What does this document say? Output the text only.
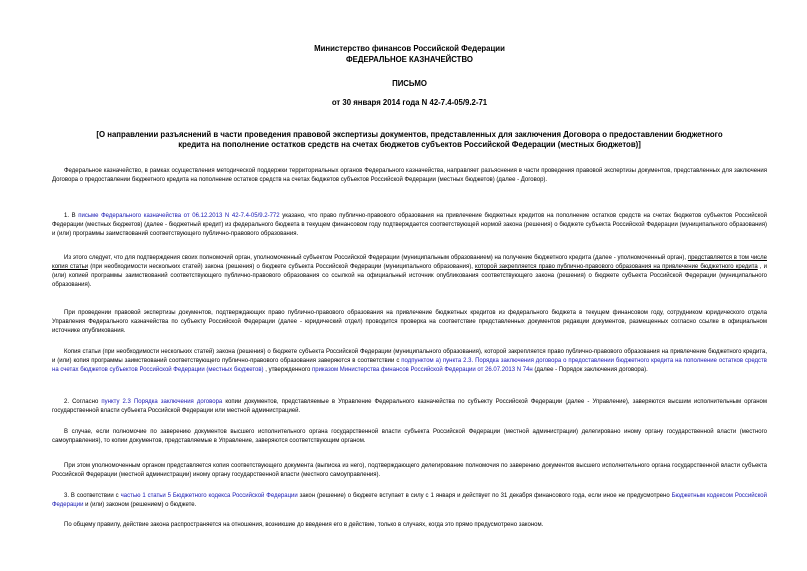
Министерство финансов Российской Федерации
ФЕДЕРАЛЬНОЕ КАЗНАЧЕЙСТВО
ПИСЬМО
от 30 января 2014 года N 42-7.4-05/9.2-71
[О направлении разъяснений в части проведения правовой экспертизы документов, представленных для заключения Договора о предоставлении бюджетного
кредита на пополнение остатков средств на счетах бюджетов субъектов Российской Федерации (местных бюджетов)]

Федеральное казначейство, в рамках осуществления методической поддержки территориальных органов Федерального казначейства, направляет разъяснения в части проведения правовой экспертизы документов, представленных для заключения Договора о предоставлении бюджетного кредита на пополнение остатков средств на счетах бюджетов субъектов Российской Федерации (местных бюджетов) (далее - Договор).

1. В письме Федерального казначейства от 06.12.2013 N 42-7.4-05/9.2-772 указано, что право публично-правового образования на привлечение бюджетных кредитов на пополнение остатков средств на счетах бюджетов субъектов Российской Федерации (местных бюджетов) (далее - бюджетный кредит) из федерального бюджета в текущем финансовом году подтверждается соответствующей нормой закона (решения) о бюджете субъекта Российской Федерации (муниципального образования) и (или) программы заимствований соответствующего публично-правового образования.

Из этого следует, что для подтверждения своих полномочий орган, уполномоченный субъектом Российской Федерации (муниципальным образованием) на получение бюджетного кредита (далее - уполномоченный орган), представляется в том числе копия статьи (при необходимости нескольких статей) закона (решения) о бюджете субъекта Российской Федерации (муниципального образования), которой закрепляется право публично-правового образования на привлечение бюджетного кредита , и (или) копией программы заимствований соответствующего публично-правового образования со ссылкой на официальный источник опубликования соответствующего закона (решения) о бюджете субъекта Российской Федерации (муниципального образования).

При проведении правовой экспертизы документов, подтверждающих право публично-правового образования на привлечение бюджетных кредитов из федерального бюджета в текущем финансовом году, сотрудником юридического отдела Управления Федерального казначейства по субъекту Российской Федерации (далее - юридический отдел) проводится проверка на соответствие представленных документов редакции документов, размещенных согласно ссылке в официальном источнике опубликования.

Копия статьи (при необходимости нескольких статей) закона (решения) о бюджете субъекта Российской Федерации (муниципального образования), которой закрепляется право публично-правового образования на привлечение бюджетного кредита, и (или) копия программы заимствований соответствующего публично-правового образования заверяются в соответствии с подпунктом а) пункта 2.3. Порядка заключения договора о предоставлении бюджетного кредита на пополнение остатков средств на счетах бюджетов субъектов Российской Федерации (местных бюджетов) , утвержденного приказом Министерства финансов Российской Федерации от 26.07.2013 N 74н (далее - Порядок заключения договора).

2. Согласно пункту 2.3 Порядка заключения договора копии документов, представляемые в Управление Федерального казначейства по субъекту Российской Федерации (далее - Управление), заверяются высшим исполнительным органом государственной власти субъекта Российской Федерации или местной администрацией.

В случае, если полномочие по заверению документов высшего исполнительного органа государственной власти субъекта Российской Федерации (местной администрации) делегировано иному органу государственной власти (местного самоуправления), то копии документов, представляемые в Управление, заверяются соответствующим органом.

При этом уполномоченным органом представляется копия соответствующего документа (выписка из него), подтверждающего делегирование полномочия по заверению документов высшего исполнительного органа государственной власти субъекта Российской Федерации (местной администрации) иному органу государственной власти (местного самоуправления).

3. В соответствии с частью 1 статьи 5 Бюджетного кодекса Российской Федерации закон (решение) о бюджете вступает в силу с 1 января и действует по 31 декабря финансового года, если иное не предусмотрено Бюджетным кодексом Российской Федерации и (или) законом (решением) о бюджете.

По общему правилу, действие закона распространяется на отношения, возникшие до введения его в действие, только в случаях, когда это прямо предусмотрено законом.
